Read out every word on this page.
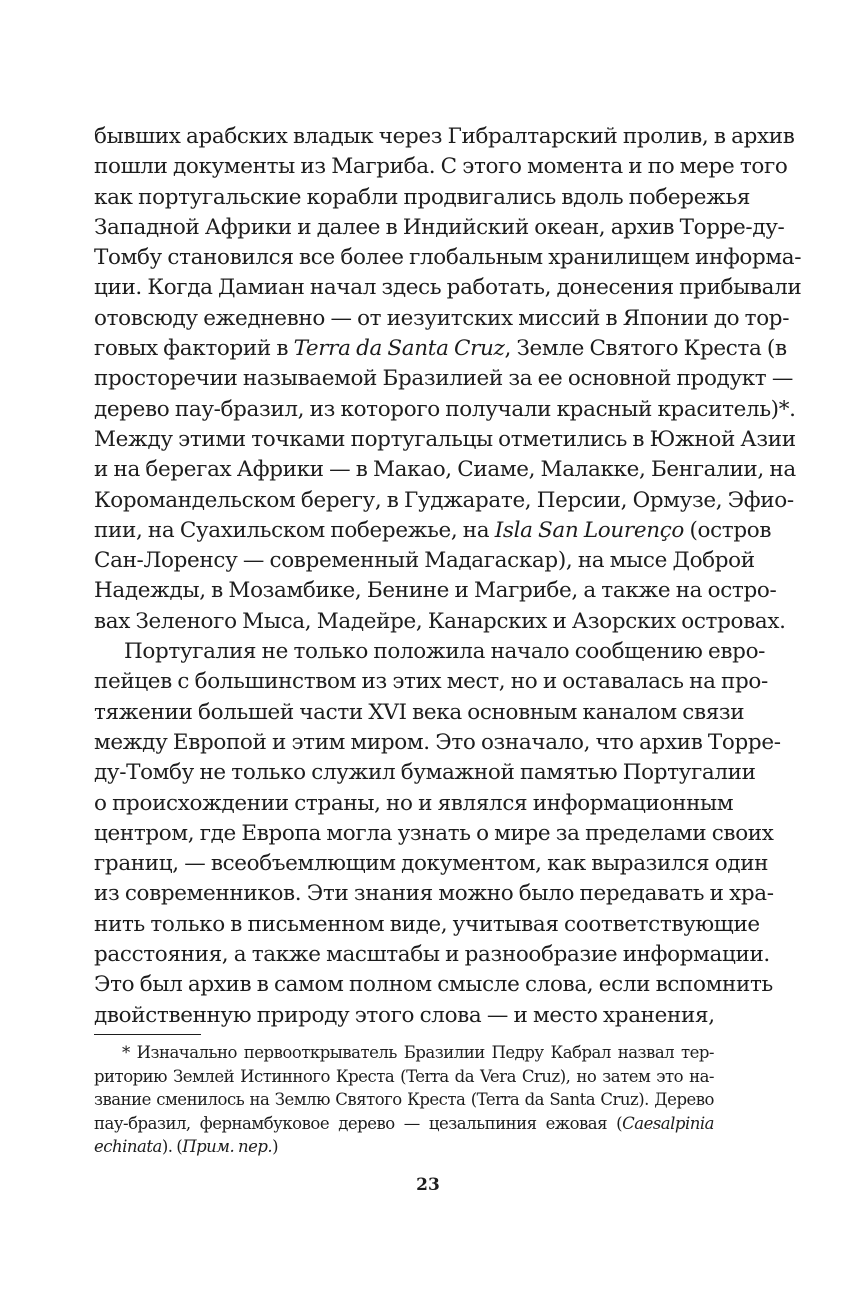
бывших арабских владык через Гибралтарский пролив, в архив
пошли документы из Магриба. С этого момента и по мере того
как португальские корабли продвигались вдоль побережья
Западной Африки и далее в Индийский океан, архив Торре-ду-
Томбу становился все более глобальным хранилищем информа-
ции. Когда Дамиан начал здесь работать, донесения прибывали
отовсюду ежедневно — от иезуитских миссий в Японии до тор-
говых факторий в Terra da Santa Cruz, Земле Святого Креста (в
просторечии называемой Бразилией за ее основной продукт —
дерево пау-бразил, из которого получали красный краситель)*.
Между этими точками португальцы отметились в Южной Азии
и на берегах Африки — в Макао, Сиаме, Малакке, Бенгалии, на
Коромандельском берегу, в Гуджарате, Персии, Ормузе, Эфио-
пии, на Суахильском побережье, на Isla San Lourenço (остров
Сан-Лоренсу — современный Мадагаскар), на мысе Доброй
Надежды, в Мозамбике, Бенине и Магрибе, а также на остро-
вах Зеленого Мыса, Мадейре, Канарских и Азорских островах.
Португалия не только положила начало сообщению евро-
пейцев с большинством из этих мест, но и оставалась на про-
тяжении большей части XVI века основным каналом связи
между Европой и этим миром. Это означало, что архив Торре-
ду-Томбу не только служил бумажной памятью Португалии
о происхождении страны, но и являлся информационным
центром, где Европа могла узнать о мире за пределами своих
границ, — всеобъемлющим документом, как выразился один
из современников. Эти знания можно было передавать и хра-
нить только в письменном виде, учитывая соответствующие
расстояния, а также масштабы и разнообразие информации.
Это был архив в самом полном смысле слова, если вспомнить
двойственную природу этого слова — и место хранения,
* Изначально первооткрыватель Бразилии Педру Кабрал назвал тер-
риторию Землей Истинного Креста (Terra da Vera Cruz), но затем это на-
звание сменилось на Землю Святого Креста (Terra da Santa Cruz). Дерево
пау-бразил, фернамбуковое дерево — цезальпиния ежовая (Caesalpinia
echinata). (Прим. пер.)
23
